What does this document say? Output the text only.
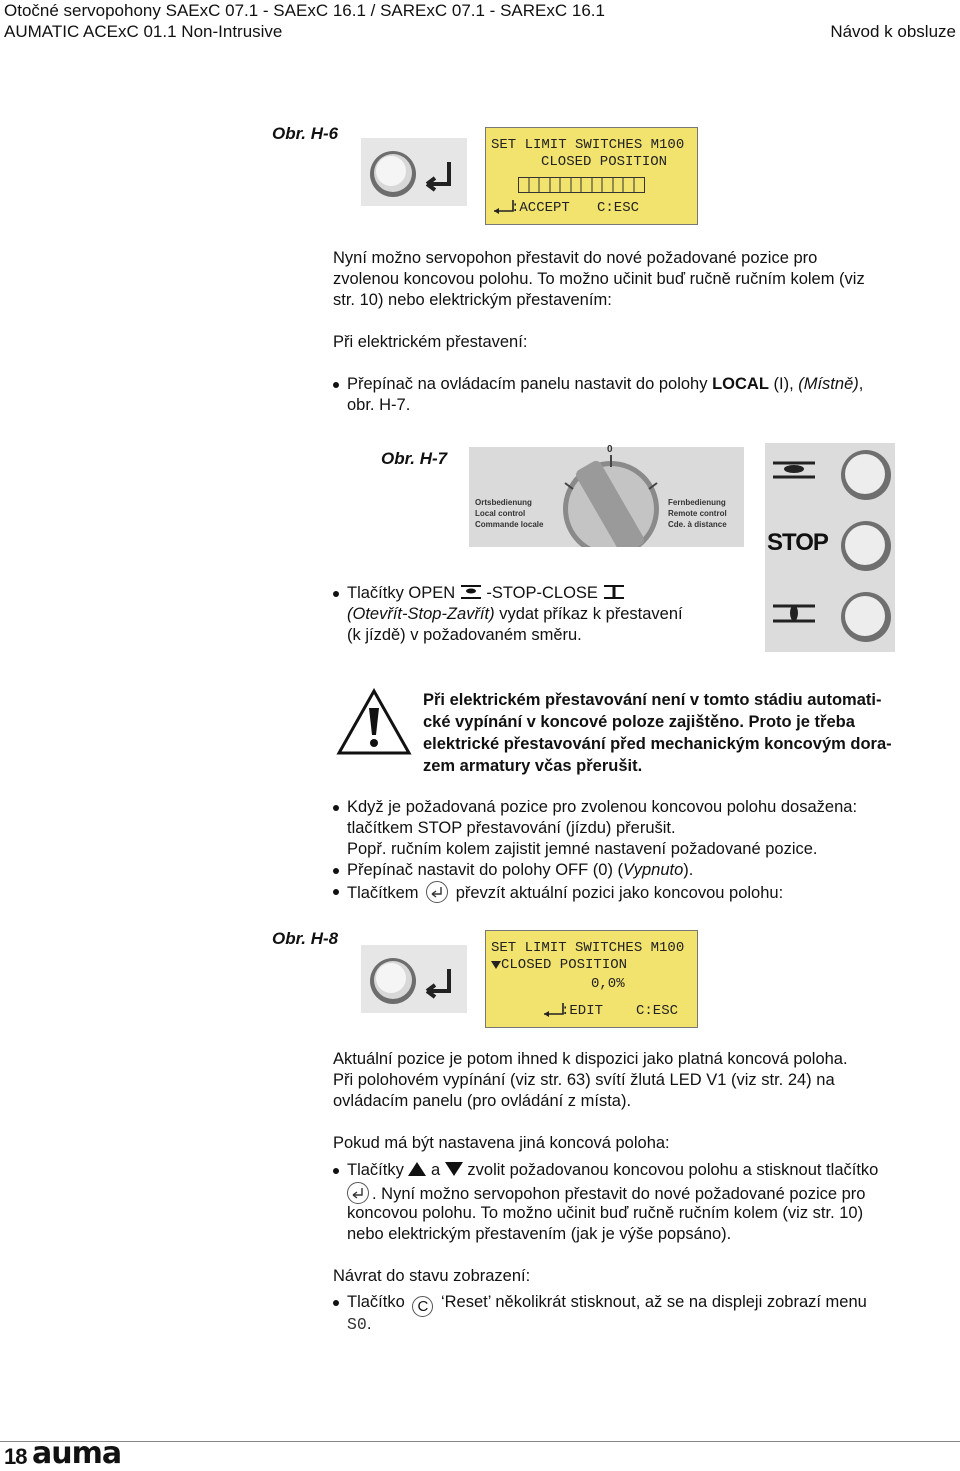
Otočné servopohony SAExC 07.1 - SAExC 16.1 / SARExC 07.1 - SARExC 16.1
AUMATIC ACExC 01.1 Non-Intrusive	Návod k obsluze
Obr. H-6
SET LIMIT SWITCHES M100
CLOSED POSITION
:ACCEPT C:ESC
Nyní možno servopohon přestavit do nové požadované pozice pro
zvolenou koncovou polohu. To možno učinit buď ručně ručním kolem (viz
str. 10) nebo elektrickým přestavením:
Při elektrickém přestavení:
Přepínač na ovládacím panelu nastavit do polohy LOCAL (I), (Místně),
obr. H-7.
Obr. H-7	0
Ortsbedienung
Local control
Commande locale
Fernbedienung
Remote control
Cde. à distance
STOP
Tlačítky OPEN  -STOP-CLOSE
(Otevřít-Stop-Zavřít) vydat příkaz k přestavení
(k jízdě) v požadovaném směru.
Při elektrickém přestavování není v tomto stádiu automati-
cké vypínání v koncové poloze zajištěno. Proto je třeba
elektrické přestavování před mechanickým koncovým dora-
zem armatury včas přerušit.
Když je požadovaná pozice pro zvolenou koncovou polohu dosažena:
tlačítkem STOP přestavování (jízdu) přerušit.
Popř. ručním kolem zajistit jemné nastavení požadované pozice.
Přepínač nastavit do polohy OFF (0) (Vypnuto).
Tlačítkem převzít aktuální pozici jako koncovou polohu:
Obr. H-8	SET LIMIT SWITCHES M100
CLOSED POSITION
0,0%
:EDIT C:ESC
Aktuální pozice je potom ihned k dispozici jako platná koncová poloha.
Při polohovém vypínání (viz str. 63) svítí žlutá LED V1 (viz str. 24) na
ovládacím panelu (pro ovládání z místa).
Pokud má být nastavena jiná koncová poloha:
Tlačítky a zvolit požadovanou koncovou polohu a stisknout tlačítko
. Nyní možno servopohon přestavit do nové požadované pozice pro
koncovou polohu. To možno učinit buď ručně ručním kolem (viz str. 10)
nebo elektrickým přestavením (jak je výše popsáno).
Návrat do stavu zobrazení:
Tlačítko C ‘Reset’ několikrát stisknout, až se na displeji zobrazí menu
S0.
18 auma
